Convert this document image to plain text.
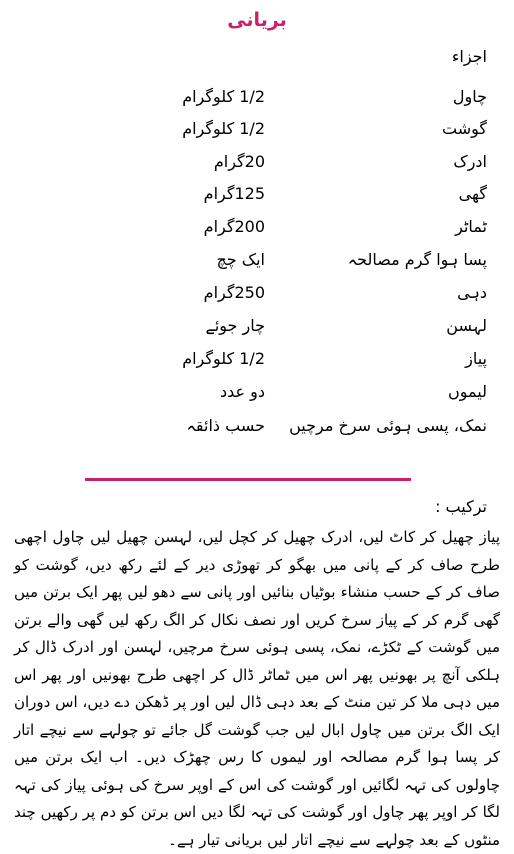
بریانی
اجزاء
چاول
1/2 کلوگرام
گوشت
1/2 کلوگرام
ادرک
20گرام
گھی
125گرام
ٹماٹر
200گرام
پسا ہوا گرم مصالحہ
ایک چچ
دہی
250گرام
لہسن
چار جوئے
پیاز
1/2 کلوگرام
لیموں
دو عدد
نمک، پسی ہوئی سرخ مرچیں
حسب ذائقہ
ترکیب :

پیاز چھیل کر کاٹ لیں، ادرک چھیل کر کچل لیں، لہسن چھیل لیں چاول اچھی طرح صاف کر کے پانی میں بھگو کر تھوڑی دیر کے لئے رکھ دیں، گوشت کو صاف کر کے حسب منشاء بوٹیاں بنائیں اور پانی سے دھو لیں پھر ایک برتن میں گھی گرم کر کے پیاز سرخ کریں اور نصف نکال کر الگ رکھ لیں گھی والے برتن میں گوشت کے ٹکڑے، نمک، پسی ہوئی سرخ مرچیں، لہسن اور ادرک ڈال کر ہلکی آنچ پر بھونیں پھر اس میں ٹماٹر ڈال کر اچھی طرح بھونیں اور پھر اس میں دہی ملا کر تین منٹ کے بعد دہی ڈال لیں اور پر ڈھکن دے دیں، اس دوران ایک الگ برتن میں چاول ابال لیں جب گوشت گل جائے تو چولہے سے نیچے اتار کر پسا ہوا گرم مصالحہ اور لیموں کا رس چھڑک دیں۔ اب ایک برتن میں چاولوں کی تہہ لگائیں اور گوشت کی اس کے اوپر سرخ کی ہوئی پیاز کی تہہ لگا کر اوپر پھر چاول اور گوشت کی تہہ لگا دیں اس برتن کو دم پر رکھیں چند منٹوں کے بعد چولہے سے نیچے اتار لیں بریانی تیار ہے۔
